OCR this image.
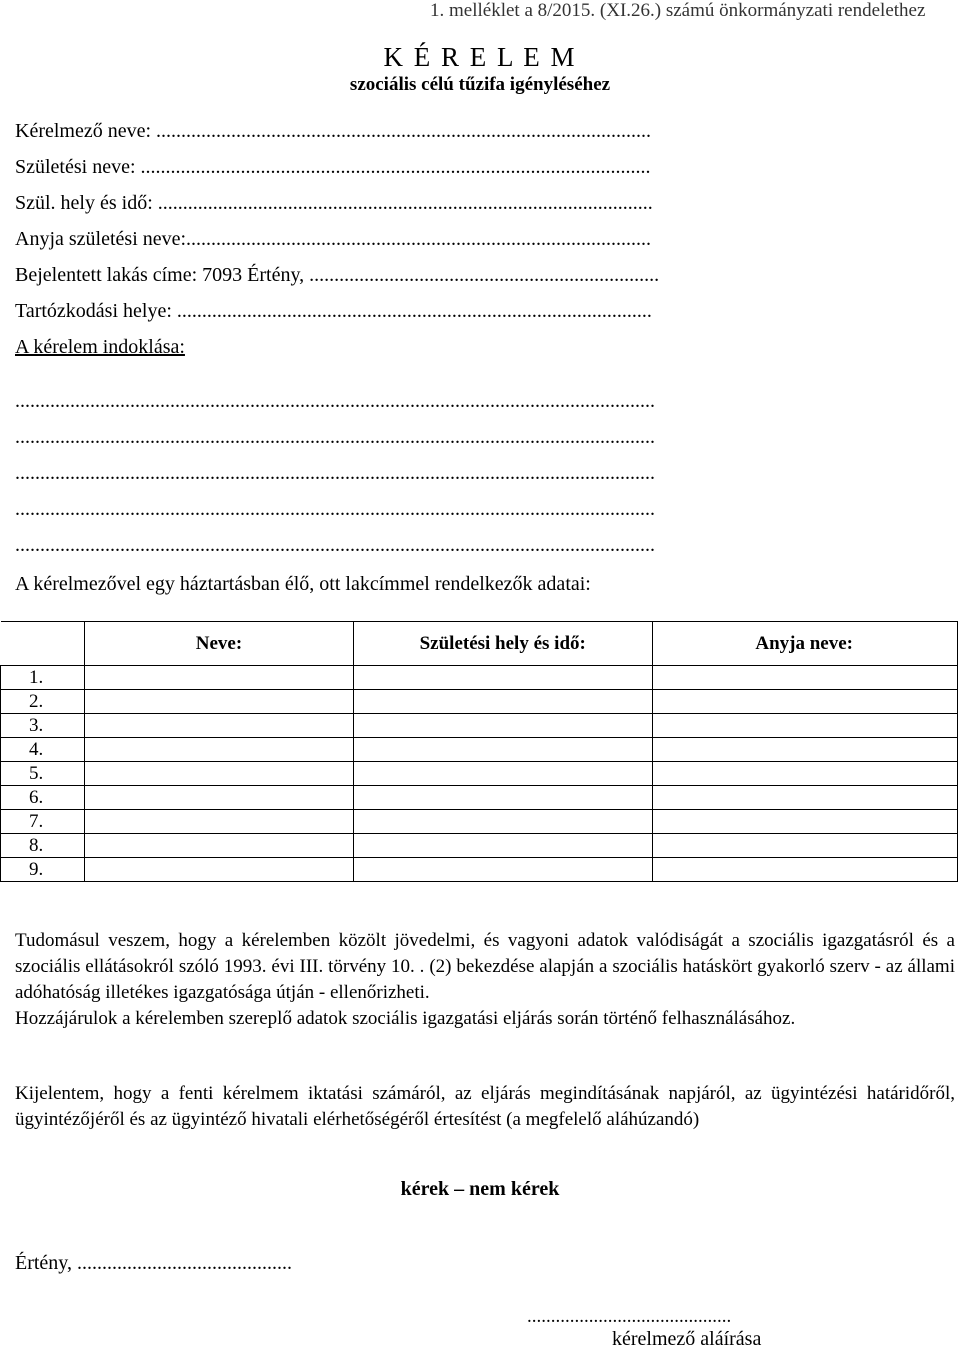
1. melléklet a 8/2015. (XI.26.) számú önkormányzati rendelethez
K É R E L E M
szociális célú tűzifa igényléséhez
Kérelmező neve: ...................................................................................................
Születési neve: ......................................................................................................
Szül. hely és idő: ...................................................................................................
Anyja születési neve:.............................................................................................
Bejelentett lakás címe: 7093 Értény, ......................................................................
Tartózkodási helye: ...............................................................................................
A kérelem indoklása:
................................................................................................................................
................................................................................................................................
................................................................................................................................
................................................................................................................................
................................................................................................................................
A kérelmezővel egy háztartásban élő, ott lakcímmel rendelkezők adatai:
	Neve:	Születési hely és idő:	Anyja neve:
1.			
2.			
3.			
4.			
5.			
6.			
7.			
8.			
9.			
Tudomásul veszem, hogy a kérelemben közölt jövedelmi, és vagyoni adatok valódiságát a szociális igazgatásról és a szociális ellátásokról szóló 1993. évi III. törvény 10. . (2) bekezdése alapján a szociális hatáskört gyakorló szerv - az állami adóhatóság illetékes igazgatósága útján - ellenőrizheti.
Hozzájárulok a kérelemben szereplő adatok szociális igazgatási eljárás során történő felhasználásához.
Kijelentem, hogy a fenti kérelmem iktatási számáról, az eljárás megindításának napjáról, az ügyintézési határidőről, ügyintézőjéről és az ügyintéző hivatali elérhetőségéről értesítést (a megfelelő aláhúzandó)
kérek – nem kérek
Értény, ...........................................
...........................................
kérelmező aláírása
